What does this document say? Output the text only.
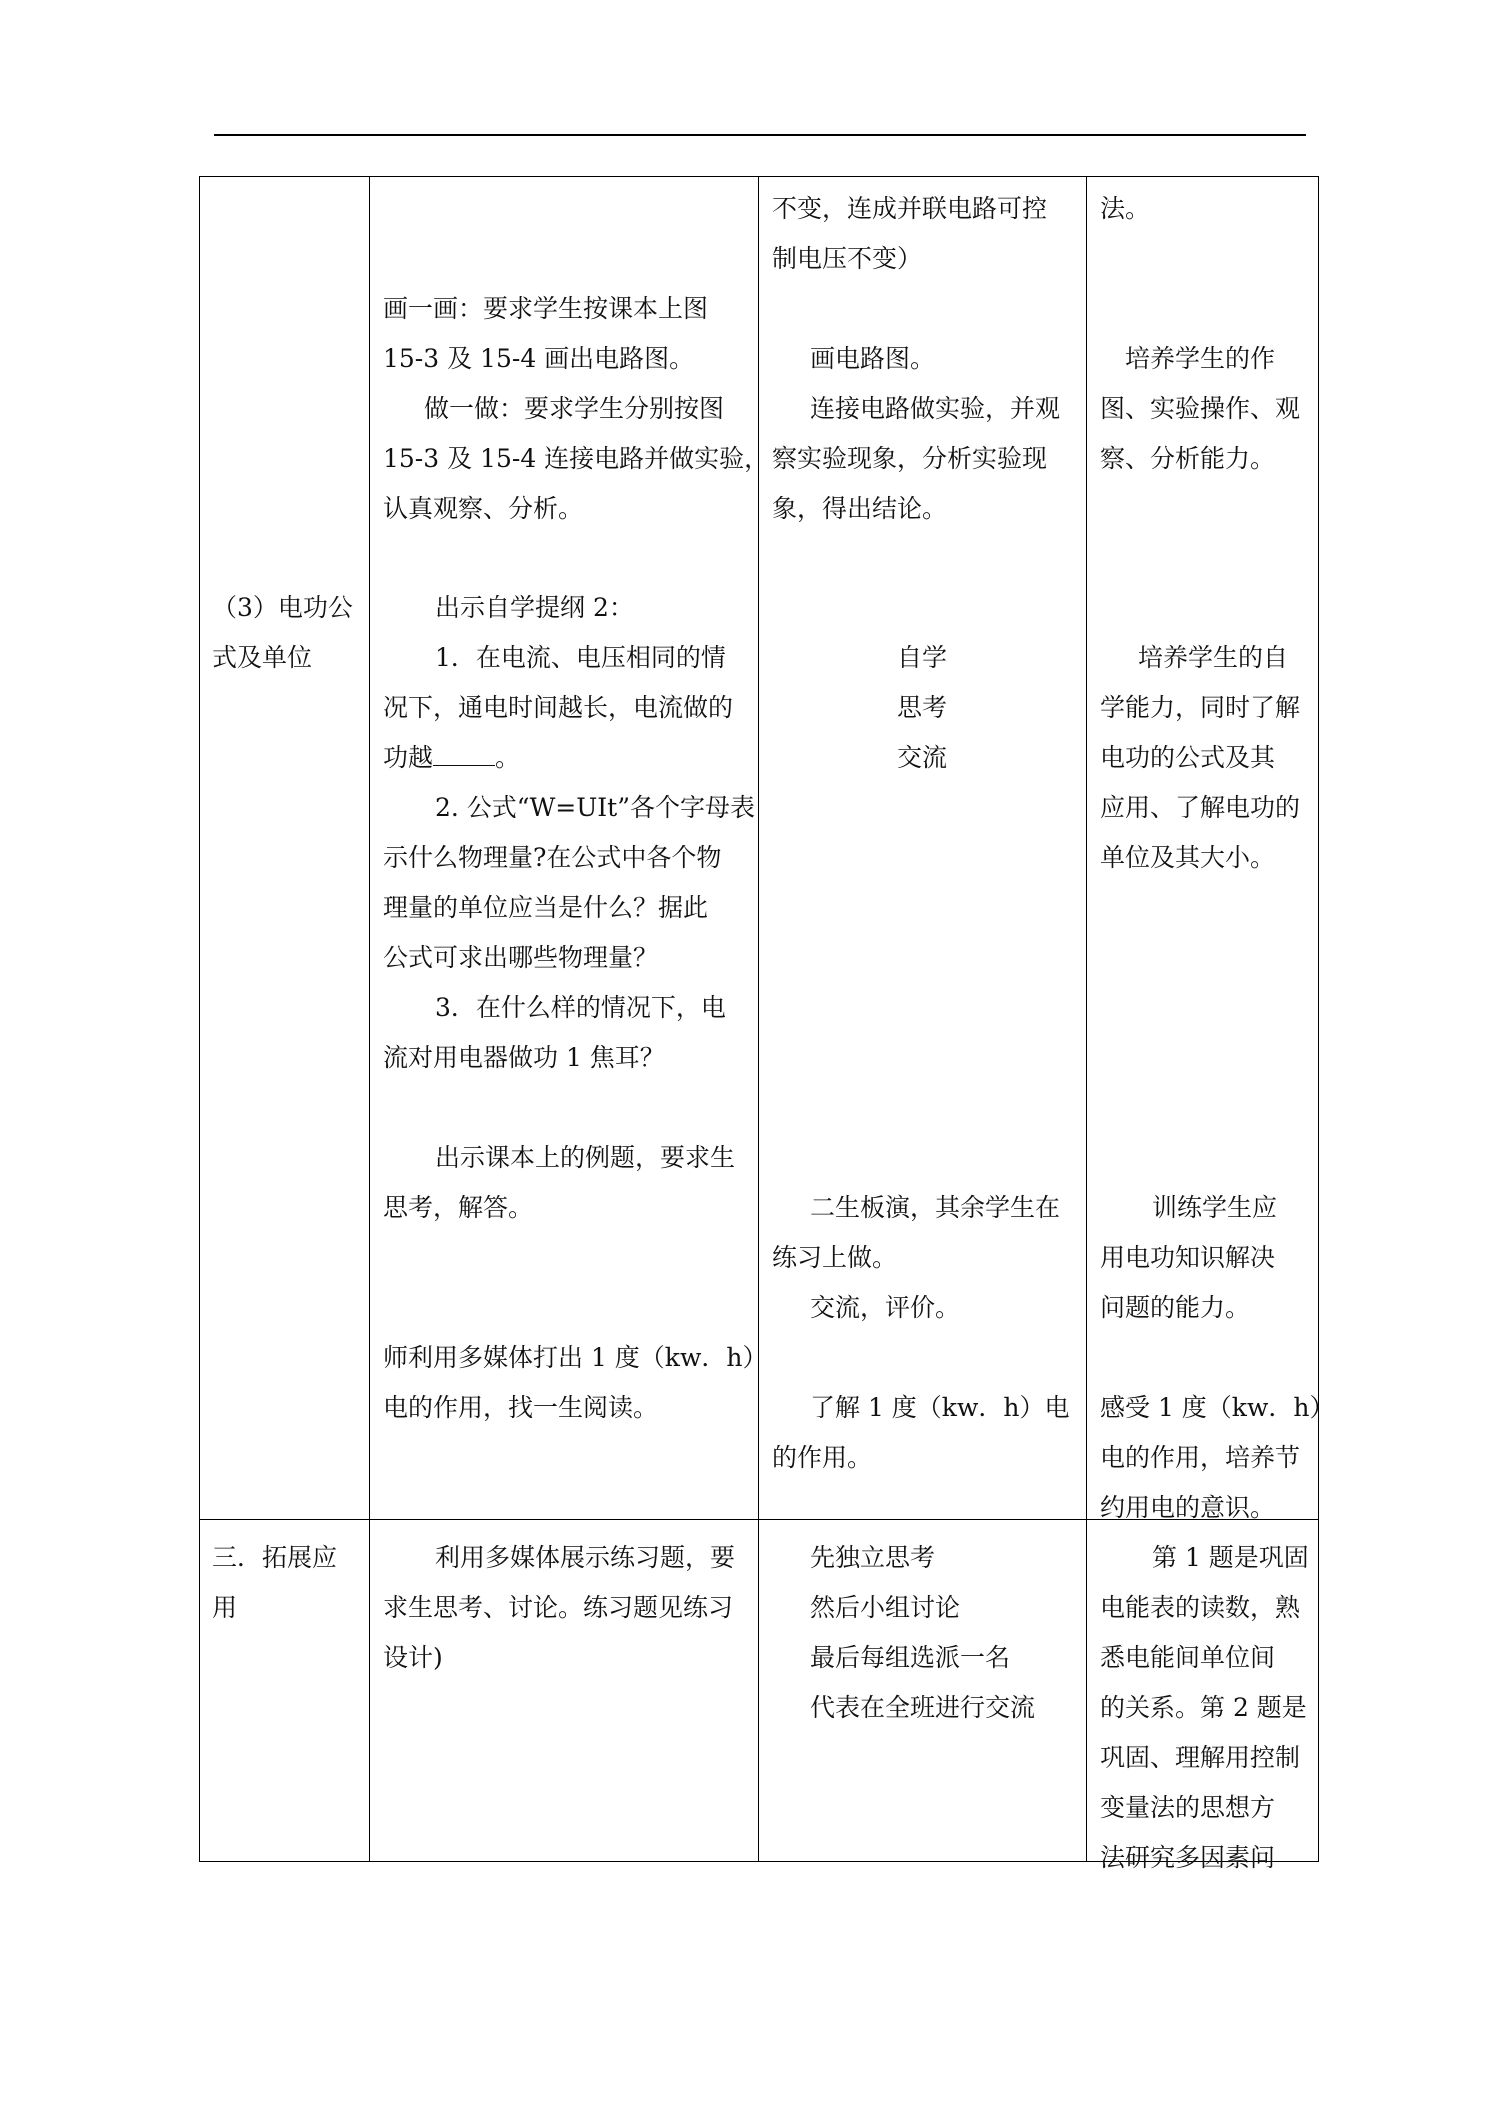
不变，连成并联电路可控
制电压不变）
法。
画一画：要求学生按课本上图
15-3 及 15-4 画出电路图。
做一做：要求学生分别按图
15-3 及 15-4 连接电路并做实验，
认真观察、分析。
画电路图。
连接电路做实验，并观
察实验现象，分析实验现
象，得出结论。
培养学生的作
图、实验操作、观
察、分析能力。
（3）电功公
式及单位
出示自学提纲 2：
1．在电流、电压相同的情
况下，通电时间越长，电流做的
功越 。
2. 公式“W=UIt”各个字母表
示什么物理量?在公式中各个物
理量的单位应当是什么？据此
公式可求出哪些物理量？
3．在什么样的情况下，电
流对用电器做功 1 焦耳？
自学
思考
交流
培养学生的自
学能力，同时了解
电功的公式及其
应用、了解电功的
单位及其大小。
出示课本上的例题，要求生
思考，解答。	二生板演，其余学生在
练习上做。
交流，评价。
训练学生应
用电功知识解决
问题的能力。
师利用多媒体打出 1 度（kw．h）
电的作用，找一生阅读。	了解 1 度（kw．h）电
的作用。
感受 1 度（kw．h）
电的作用，培养节
约用电的意识。
三．拓展应
用
利用多媒体展示练习题，要
求生思考、讨论。练习题见练习
设计)
先独立思考
然后小组讨论
最后每组选派一名
代表在全班进行交流
第 1 题是巩固
电能表的读数，熟
悉电能间单位间
的关系。第 2 题是
巩固、理解用控制
变量法的思想方
法研究多因素问
